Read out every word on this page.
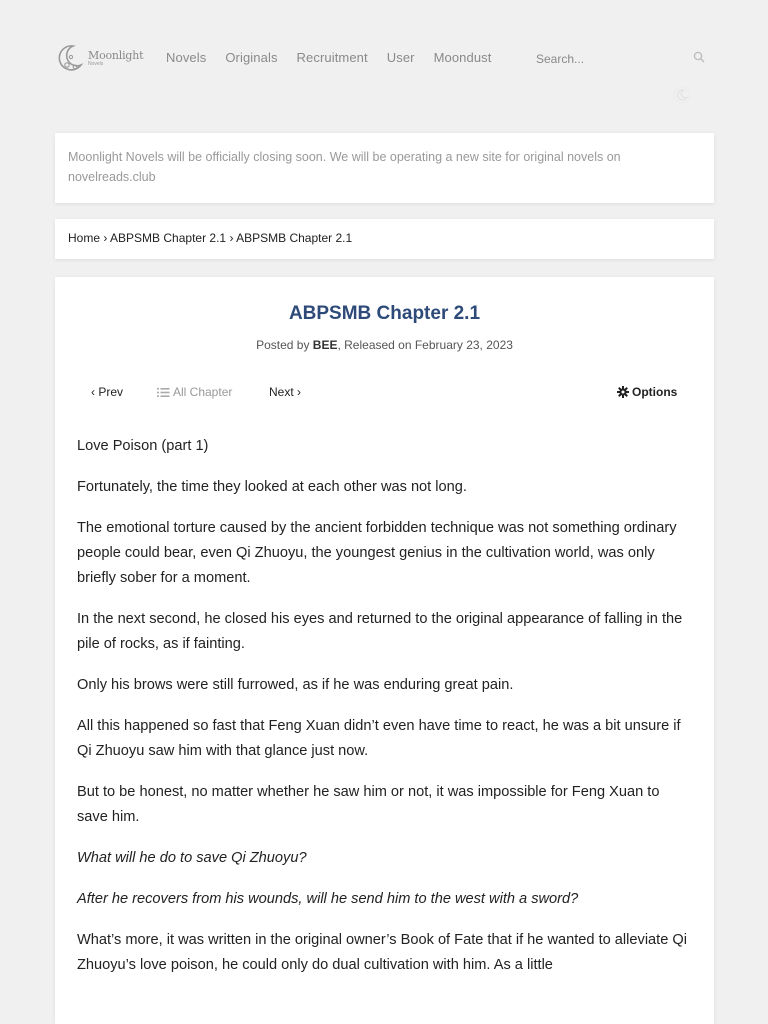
Moonlight
Novels	Novels Originals Recruitment User Moondust
Search...

Moonlight Novels will be officially closing soon. We will be operating a new site for original novels on novelreads.club

Home › ABPSMB Chapter 2.1 › ABPSMB Chapter 2.1
ABPSMB Chapter 2.1
Posted by BEE, Released on February 23, 2023
‹ Prev	All Chapter	Next ›	Options

Love Poison (part 1)

Fortunately, the time they looked at each other was not long.

The emotional torture caused by the ancient forbidden technique was not something ordinary people could bear, even Qi Zhuoyu, the youngest genius in the cultivation world, was only briefly sober for a moment.

In the next second, he closed his eyes and returned to the original appearance of falling in the pile of rocks, as if fainting.

Only his brows were still furrowed, as if he was enduring great pain.

All this happened so fast that Feng Xuan didn’t even have time to react, he was a bit unsure if Qi Zhuoyu saw him with that glance just now.

But to be honest, no matter whether he saw him or not, it was impossible for Feng Xuan to save him.

What will he do to save Qi Zhuoyu?

After he recovers from his wounds, will he send him to the west with a sword?

What’s more, it was written in the original owner’s Book of Fate that if he wanted to alleviate Qi Zhuoyu’s love poison, he could only do dual cultivation with him. As a little
